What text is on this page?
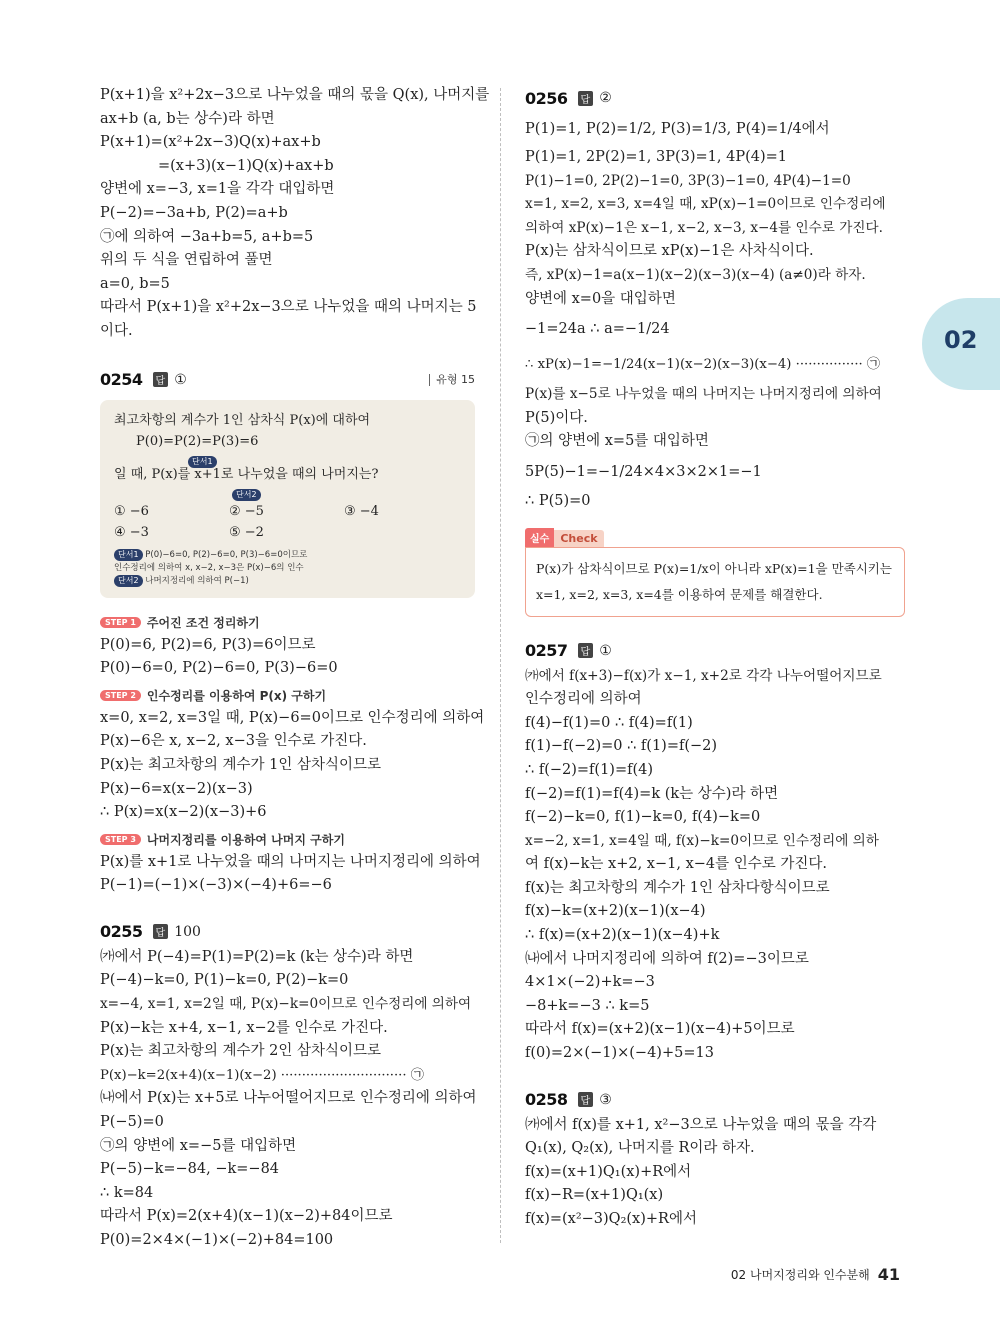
P(x+1)을 x²+2x−3으로 나누었을 때의 몫을 Q(x), 나머지를
ax+b (a, b는 상수)라 하면
P(x+1)=(x²+2x−3)Q(x)+ax+b
=(x+3)(x−1)Q(x)+ax+b
양변에 x=−3, x=1을 각각 대입하면
P(−2)=−3a+b, P(2)=a+b
㉠에 의하여 −3a+b=5, a+b=5
위의 두 식을 연립하여 풀면
a=0, b=5
따라서 P(x+1)을 x²+2x−3으로 나누었을 때의 나머지는 5
이다.
0254	답 ①	유형 15
최고차항의 계수가 1인 삼차식 P(x)에 대하여
P(0)=P(2)=P(3)=6
단서1
일 때, P(x)를 x+1로 나누었을 때의 나머지는?
단서2
① −6	② −5	③ −4
④ −3	⑤ −2
단서1 P(0)−6=0, P(2)−6=0, P(3)−6=0이므로
인수정리에 의하여 x, x−2, x−3은 P(x)−6의 인수
단서2 나머지정리에 의하여 P(−1)
STEP 1 주어진 조건 정리하기
P(0)=6, P(2)=6, P(3)=6이므로
P(0)−6=0, P(2)−6=0, P(3)−6=0
STEP 2 인수정리를 이용하여 P(x) 구하기
x=0, x=2, x=3일 때, P(x)−6=0이므로 인수정리에 의하여
P(x)−6은 x, x−2, x−3을 인수로 가진다.
P(x)는 최고차항의 계수가 1인 삼차식이므로
P(x)−6=x(x−2)(x−3)
∴ P(x)=x(x−2)(x−3)+6
STEP 3 나머지정리를 이용하여 나머지 구하기
P(x)를 x+1로 나누었을 때의 나머지는 나머지정리에 의하여
P(−1)=(−1)×(−3)×(−4)+6=−6
0255	답 100
㈎에서 P(−4)=P(1)=P(2)=k (k는 상수)라 하면
P(−4)−k=0, P(1)−k=0, P(2)−k=0
x=−4, x=1, x=2일 때, P(x)−k=0이므로 인수정리에 의하여
P(x)−k는 x+4, x−1, x−2를 인수로 가진다.
P(x)는 최고차항의 계수가 2인 삼차식이므로
P(x)−k=2(x+4)(x−1)(x−2) ······························ ㉠
㈏에서 P(x)는 x+5로 나누어떨어지므로 인수정리에 의하여
P(−5)=0
㉠의 양변에 x=−5를 대입하면
P(−5)−k=−84, −k=−84
∴ k=84
따라서 P(x)=2(x+4)(x−1)(x−2)+84이므로
P(0)=2×4×(−1)×(−2)+84=100
0256	답 ②
P(1)=1, P(2)=1/2, P(3)=1/3, P(4)=1/4에서
P(1)=1, 2P(2)=1, 3P(3)=1, 4P(4)=1
P(1)−1=0, 2P(2)−1=0, 3P(3)−1=0, 4P(4)−1=0
x=1, x=2, x=3, x=4일 때, xP(x)−1=0이므로 인수정리에
의하여 xP(x)−1은 x−1, x−2, x−3, x−4를 인수로 가진다.
P(x)는 삼차식이므로 xP(x)−1은 사차식이다.
즉, xP(x)−1=a(x−1)(x−2)(x−3)(x−4) (a≠0)라 하자.
양변에 x=0을 대입하면
−1=24a ∴ a=−1/24
∴ xP(x)−1=−1/24(x−1)(x−2)(x−3)(x−4) ················ ㉠
P(x)를 x−5로 나누었을 때의 나머지는 나머지정리에 의하여
P(5)이다.
㉠의 양변에 x=5를 대입하면
5P(5)−1=−1/24×4×3×2×1=−1
∴ P(5)=0
실수	Check
P(x)가 삼차식이므로 P(x)=1/x이 아니라 xP(x)=1을 만족시키는
x=1, x=2, x=3, x=4를 이용하여 문제를 해결한다.
0257	답 ①
㈎에서 f(x+3)−f(x)가 x−1, x+2로 각각 나누어떨어지므로
인수정리에 의하여
f(4)−f(1)=0 ∴ f(4)=f(1)
f(1)−f(−2)=0 ∴ f(1)=f(−2)
∴ f(−2)=f(1)=f(4)
f(−2)=f(1)=f(4)=k (k는 상수)라 하면
f(−2)−k=0, f(1)−k=0, f(4)−k=0
x=−2, x=1, x=4일 때, f(x)−k=0이므로 인수정리에 의하
여 f(x)−k는 x+2, x−1, x−4를 인수로 가진다.
f(x)는 최고차항의 계수가 1인 삼차다항식이므로
f(x)−k=(x+2)(x−1)(x−4)
∴ f(x)=(x+2)(x−1)(x−4)+k
㈏에서 나머지정리에 의하여 f(2)=−3이므로
4×1×(−2)+k=−3
−8+k=−3 ∴ k=5
따라서 f(x)=(x+2)(x−1)(x−4)+5이므로
f(0)=2×(−1)×(−4)+5=13
0258	답 ③
㈎에서 f(x)를 x+1, x²−3으로 나누었을 때의 몫을 각각
Q₁(x), Q₂(x), 나머지를 R이라 하자.
f(x)=(x+1)Q₁(x)+R에서
f(x)−R=(x+1)Q₁(x)
f(x)=(x²−3)Q₂(x)+R에서
02
02 나머지정리와 인수분해 41
